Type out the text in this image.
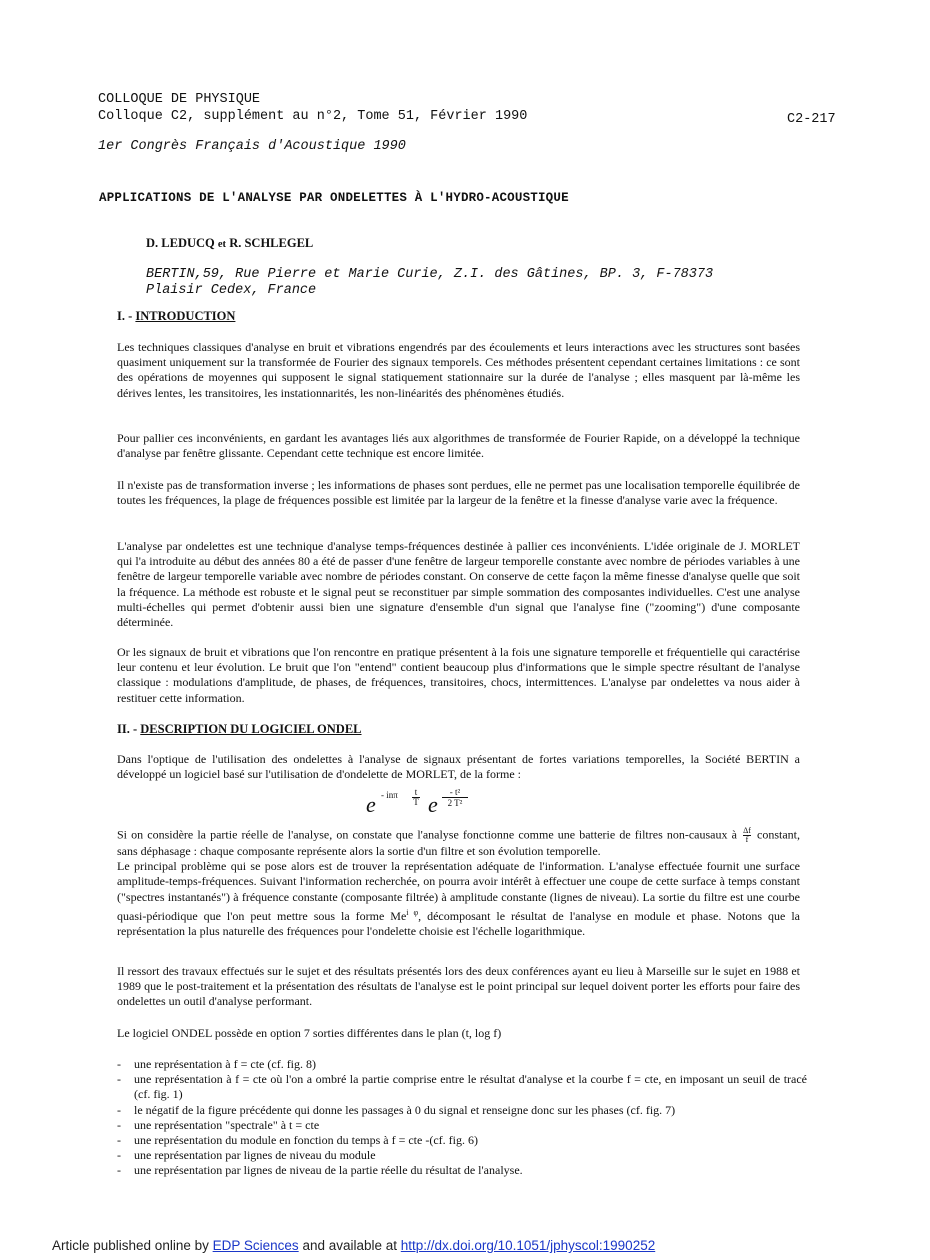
COLLOQUE DE PHYSIQUE
Colloque C2, supplément au n°2, Tome 51, Février 1990	C2-217
1er Congrès Français d'Acoustique 1990
APPLICATIONS DE L'ANALYSE PAR ONDELETTES À L'HYDRO-ACOUSTIQUE
D. LEDUCQ et R. SCHLEGEL
BERTIN,59, Rue Pierre et Marie Curie, Z.I. des Gâtines, BP. 3, F-78373
Plaisir Cedex, France
I. - INTRODUCTION

Les techniques classiques d'analyse en bruit et vibrations engendrés par des écoulements et leurs interactions avec les structures sont basées quasiment uniquement sur la transformée de Fourier des signaux temporels. Ces méthodes présentent cependant certaines limitations : ce sont des opérations de moyennes qui supposent le signal statiquement stationnaire sur la durée de l'analyse ; elles masquent par là-même les dérives lentes, les transitoires, les instationnarités, les non-linéarités des phénomènes étudiés.

Pour pallier ces inconvénients, en gardant les avantages liés aux algorithmes de transformée de Fourier Rapide, on a développé la technique d'analyse par fenêtre glissante. Cependant cette technique est encore limitée.

Il n'existe pas de transformation inverse ; les informations de phases sont perdues, elle ne permet pas une localisation temporelle équilibrée de toutes les fréquences, la plage de fréquences possible est limitée par la largeur de la fenêtre et la finesse d'analyse varie avec la fréquence.

L'analyse par ondelettes est une technique d'analyse temps-fréquences destinée à pallier ces inconvénients. L'idée originale de J. MORLET qui l'a introduite au début des années 80 a été de passer d'une fenêtre de largeur temporelle constante avec nombre de périodes variables à une fenêtre de largeur temporelle variable avec nombre de périodes constant. On conserve de cette façon la même finesse d'analyse quelle que soit la fréquence. La méthode est robuste et le signal peut se reconstituer par simple sommation des composantes individuelles. C'est une analyse multi-échelles qui permet d'obtenir aussi bien une signature d'ensemble d'un signal que l'analyse fine ("zooming") d'une composante déterminée.

Or les signaux de bruit et vibrations que l'on rencontre en pratique présentent à la fois une signature temporelle et fréquentielle qui caractérise leur contenu et leur évolution. Le bruit que l'on "entend" contient beaucoup plus d'informations que le simple spectre résultant de l'analyse classique : modulations d'amplitude, de phases, de fréquences, transitoires, chocs, intermittences. L'analyse par ondelettes va nous aider à restituer cette information.

II. - DESCRIPTION DU LOGICIEL ONDEL

Dans l'optique de l'utilisation des ondelettes à l'analyse de signaux présentant de fortes variations temporelles, la Société BERTIN a développé un logiciel basé sur l'utilisation de d'ondelette de MORLET, de la forme :

e - inπ	t
T e	- t²
2 T²

Si on considère la partie réelle de l'analyse, on constate que l'analyse fonctionne comme une batterie de filtres non-causaux à $\frac{\Delta f}{f}$ constant, sans déphasage : chaque composante représente alors la sortie d'un filtre et son évolution temporelle.

Le principal problème qui se pose alors est de trouver la représentation adéquate de l'information. L'analyse effectuée fournit une surface amplitude-temps-fréquences. Suivant l'information recherchée, on pourra avoir intérêt à effectuer une coupe de cette surface à temps constant ("spectres instantanés") à fréquence constante (composante filtrée) à amplitude constante (lignes de niveau). La sortie du filtre est une courbe quasi-périodique que l'on peut mettre sous la forme $Me^{i \varphi}$, décomposant le résultat de l'analyse en module et phase. Notons que la représentation la plus naturelle des fréquences pour l'ondelette choisie est l'échelle logarithmique.

Il ressort des travaux effectués sur le sujet et des résultats présentés lors des deux conférences ayant eu lieu à Marseille sur le sujet en 1988 et 1989 que le post-traitement et la présentation des résultats de l'analyse est le point principal sur lequel doivent porter les efforts pour faire des ondelettes un outil d'analyse performant.

Le logiciel ONDEL possède en option 7 sorties différentes dans le plan (t, log f)

- une représentation à f = cte (cf. fig. 8)
- une représentation à f = cte où l'on a ombré la partie comprise entre le résultat d'analyse et la courbe f = cte, en imposant un seuil de tracé (cf. fig. 1)
- le négatif de la figure précédente qui donne les passages à 0 du signal et renseigne donc sur les phases (cf. fig. 7)
- une représentation "spectrale" à t = cte
- une représentation du module en fonction du temps à f = cte -(cf. fig. 6)
- une représentation par lignes de niveau du module
- une représentation par lignes de niveau de la partie réelle du résultat de l'analyse.
Article published online by EDP Sciences and available at http://dx.doi.org/10.1051/jphyscol:1990252
